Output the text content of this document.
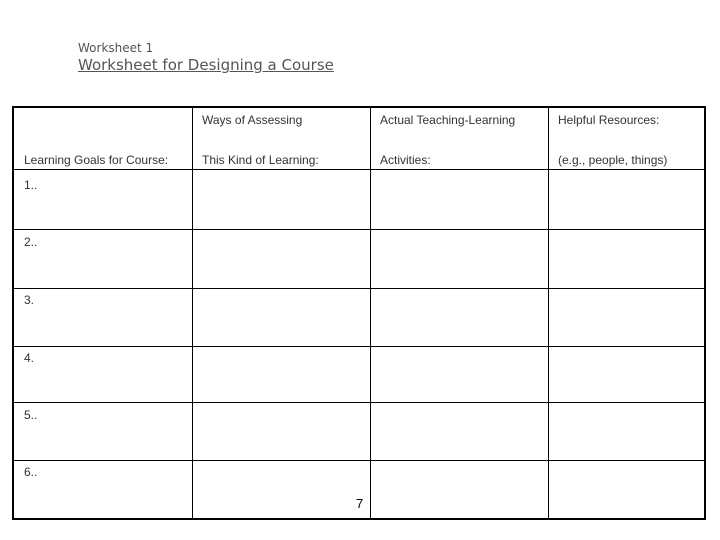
Worksheet 1
Worksheet for Designing a Course
Learning Goals for Course:
Ways of Assessing
This Kind of Learning:
Actual Teaching-Learning
Activities:
Helpful Resources:
(e.g., people, things)
1..
2..
3.
4.
5..
6..
7
